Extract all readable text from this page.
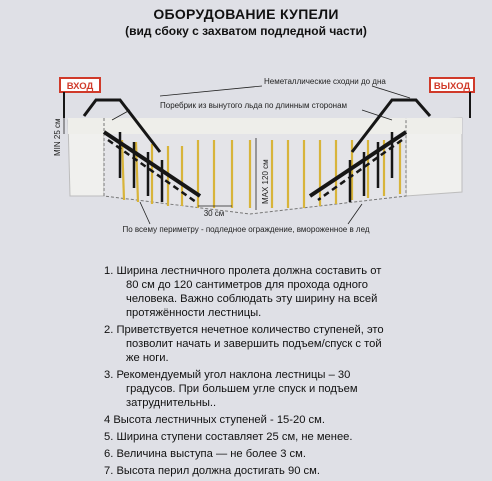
ОБОРУДОВАНИЕ КУПЕЛИ
(вид сбоку с захватом подледной части)
ВХОД	ВЫХОД
Неметаллические сходни до дна
Поребрик из вынутого льда по длинным сторонам
MIN 25 см
MAX 120 см
30 см
По всему периметру - подледное ограждение, вмороженное в лед
1. Ширина лестничного пролета должна составить от
80 см до 120 сантиметров для прохода одного
человека. Важно соблюдать эту ширину на всей
протяжённости лестницы.
2. Приветствуется нечетное количество ступеней, это
позволит начать и завершить подъем/спуск с той
же ноги.
3. Рекомендуемый угол наклона лестницы – 30
градусов. При большем угле спуск и подъем
затруднительны..
4 Высота лестничных ступеней - 15-20 см.
5. Ширина ступени составляет 25 см, не менее.
6. Величина выступа — не более 3 см.
7. Высота перил должна достигать 90 см.
